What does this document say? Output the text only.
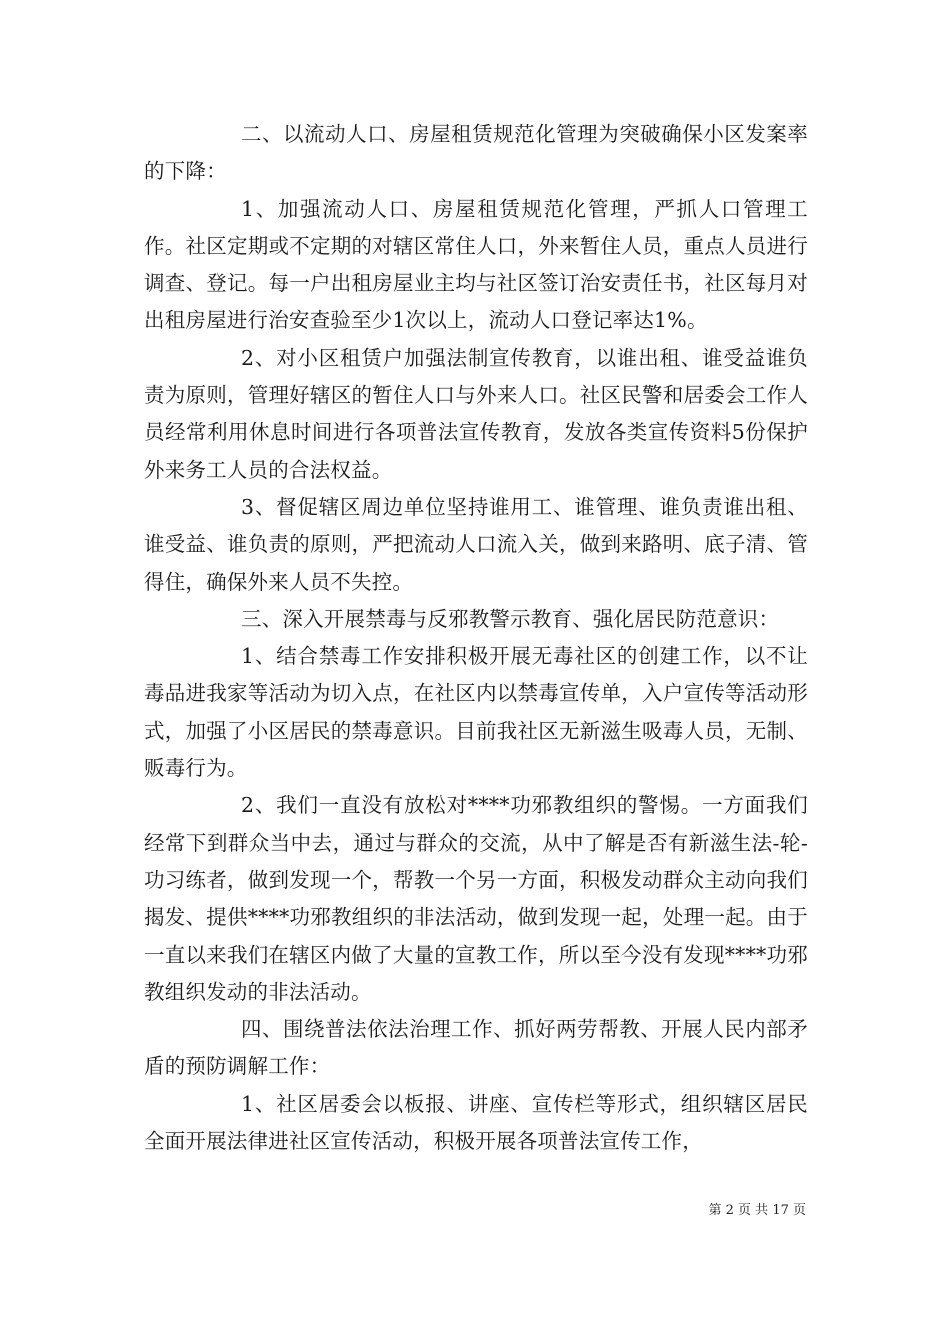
二、以流动人口、房屋租赁规范化管理为突破确保小区发案率的下降：

1、加强流动人口、房屋租赁规范化管理，严抓人口管理工作。社区定期或不定期的对辖区常住人口，外来暂住人员，重点人员进行调查、登记。每一户出租房屋业主均与社区签订治安责任书，社区每月对出租房屋进行治安查验至少1次以上，流动人口登记率达1%。

2、对小区租赁户加强法制宣传教育，以谁出租、谁受益谁负责为原则，管理好辖区的暂住人口与外来人口。社区民警和居委会工作人员经常利用休息时间进行各项普法宣传教育，发放各类宣传资料5份保护外来务工人员的合法权益。

3、督促辖区周边单位坚持谁用工、谁管理、谁负责谁出租、谁受益、谁负责的原则，严把流动人口流入关，做到来路明、底子清、管得住，确保外来人员不失控。

三、深入开展禁毒与反邪教警示教育、强化居民防范意识：

1、结合禁毒工作安排积极开展无毒社区的创建工作，以不让毒品进我家等活动为切入点，在社区内以禁毒宣传单，入户宣传等活动形式，加强了小区居民的禁毒意识。目前我社区无新滋生吸毒人员，无制、贩毒行为。

2、我们一直没有放松对****功邪教组织的警惕。一方面我们经常下到群众当中去，通过与群众的交流，从中了解是否有新滋生法-轮-功习练者，做到发现一个，帮教一个另一方面，积极发动群众主动向我们揭发、提供****功邪教组织的非法活动，做到发现一起，处理一起。由于一直以来我们在辖区内做了大量的宣教工作，所以至今没有发现****功邪教组织发动的非法活动。

四、围绕普法依法治理工作、抓好两劳帮教、开展人民内部矛盾的预防调解工作：

1、社区居委会以板报、讲座、宣传栏等形式，组织辖区居民全面开展法律进社区宣传活动，积极开展各项普法宣传工作，

第 2 页 共 17 页
